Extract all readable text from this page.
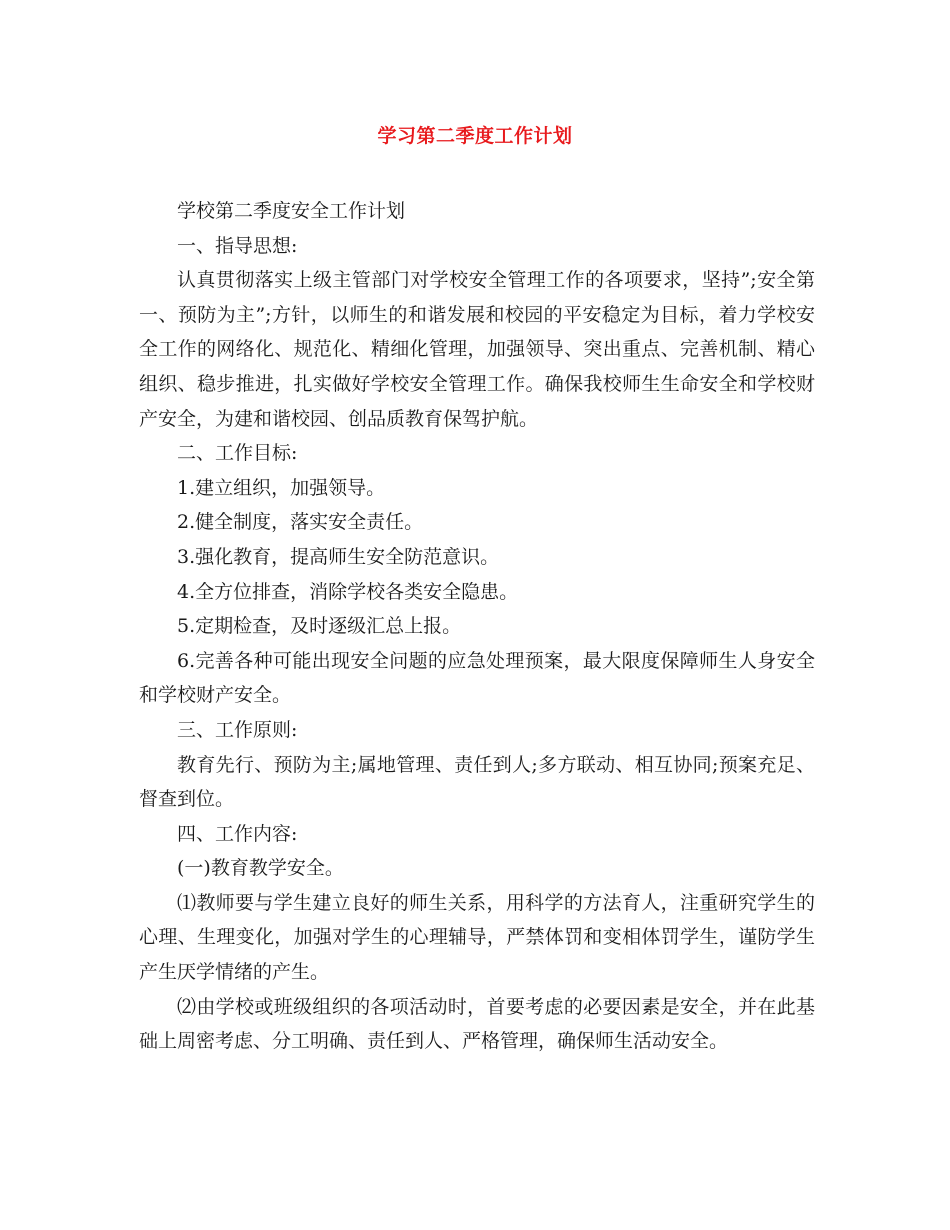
学习第二季度工作计划

学校第二季度安全工作计划

一、指导思想:

认真贯彻落实上级主管部门对学校安全管理工作的各项要求，坚持”;安全第一、预防为主”;方针，以师生的和谐发展和校园的平安稳定为目标，着力学校安全工作的网络化、规范化、精细化管理，加强领导、突出重点、完善机制、精心组织、稳步推进，扎实做好学校安全管理工作。确保我校师生生命安全和学校财产安全，为建和谐校园、创品质教育保驾护航。

二、工作目标:

1.建立组织，加强领导。

2.健全制度，落实安全责任。

3.强化教育，提高师生安全防范意识。

4.全方位排查，消除学校各类安全隐患。

5.定期检查，及时逐级汇总上报。

6.完善各种可能出现安全问题的应急处理预案，最大限度保障师生人身安全和学校财产安全。

三、工作原则:

教育先行、预防为主;属地管理、责任到人;多方联动、相互协同;预案充足、督查到位。

四、工作内容:

(一)教育教学安全。

⑴教师要与学生建立良好的师生关系，用科学的方法育人，注重研究学生的心理、生理变化，加强对学生的心理辅导，严禁体罚和变相体罚学生，谨防学生产生厌学情绪的产生。

⑵由学校或班级组织的各项活动时，首要考虑的必要因素是安全，并在此基础上周密考虑、分工明确、责任到人、严格管理，确保师生活动安全。
